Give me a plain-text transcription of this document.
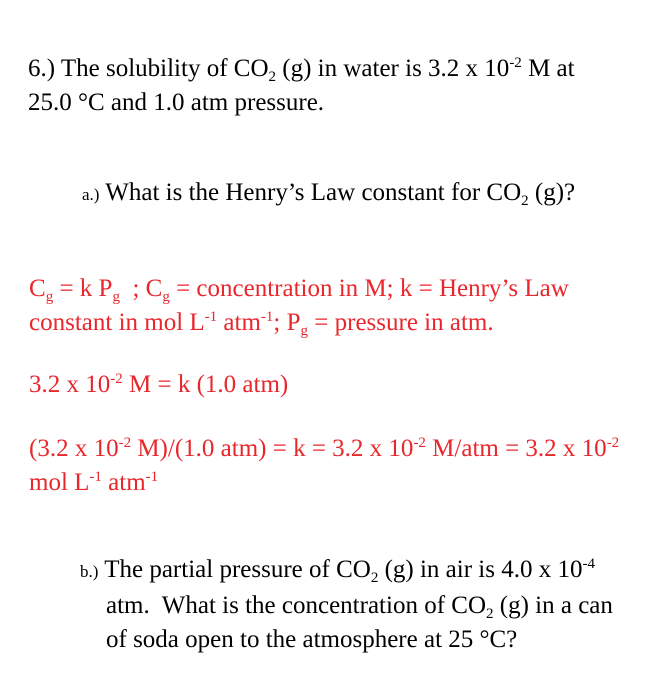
6.) The solubility of $CO_2$ (g) in water is 3.2 x $10^{-2}$ M at
25.0 °C and 1.0 atm pressure.
a.) What is the Henry’s Law constant for $CO_2$ (g)?
$C_g = k$ $P_g$  ; $C_g$ = concentration in M; k = Henry’s Law
constant in mol $L^{-1}$ atm$^{-1}$; $P_g$ = pressure in atm.
3.2 x $10^{-2}$ M = k (1.0 atm)
(3.2 x $10^{-2}$ M)/(1.0 atm) = k = 3.2 x $10^{-2}$ M/atm = 3.2 x $10^{-2}$
mol $L^{-1}$ atm$^{-1}$
b.) The partial pressure of $CO_2$ (g) in air is 4.0 x $10^{-4}$
atm.  What is the concentration of $CO_2$ (g) in a can
of soda open to the atmosphere at 25 °C?
